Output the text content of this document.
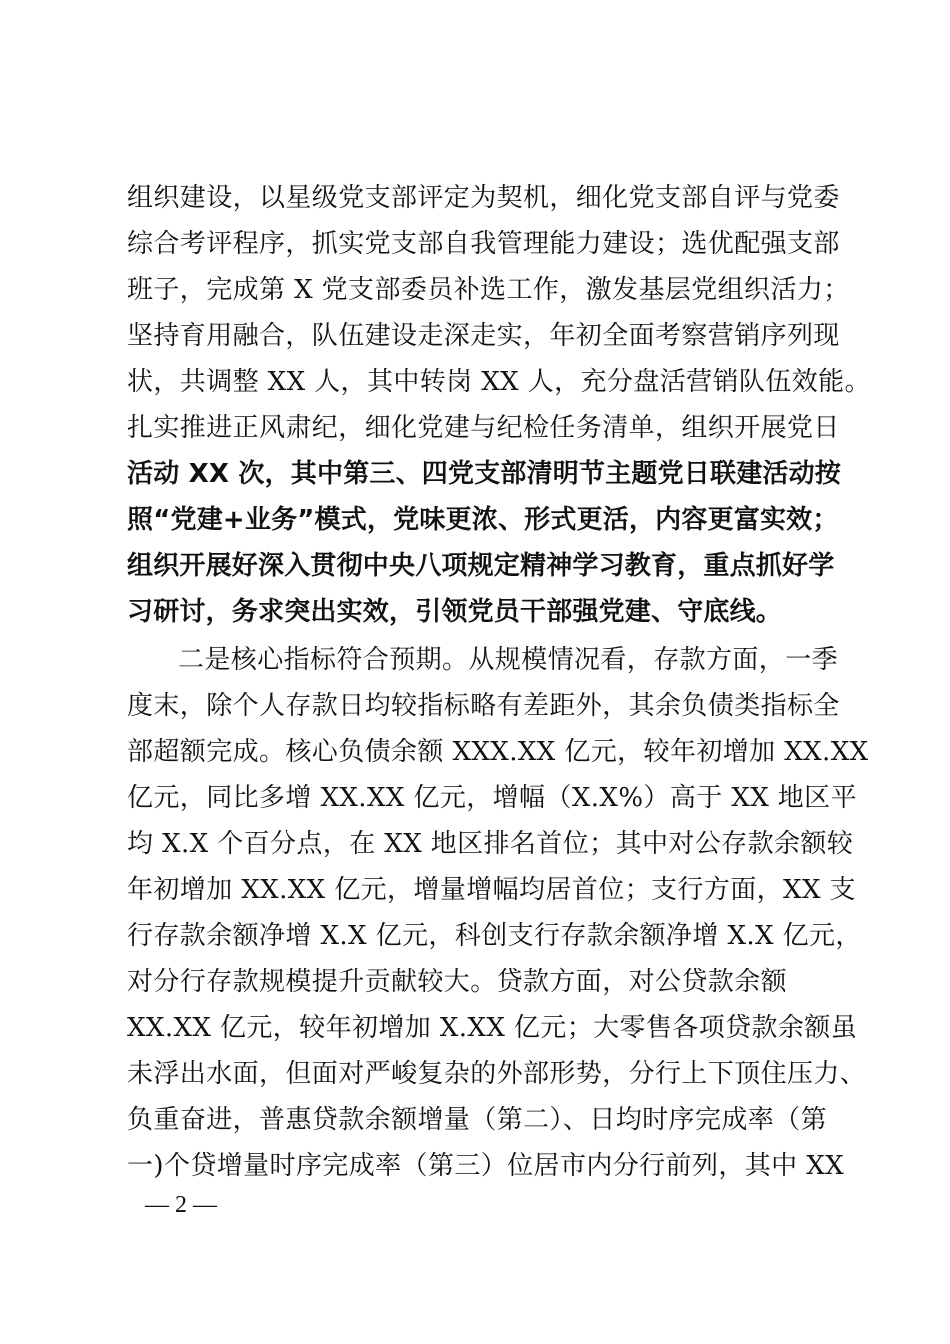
组织建设，以星级党支部评定为契机，细化党支部自评与党委
综合考评程序，抓实党支部自我管理能力建设；选优配强支部
班子，完成第 X 党支部委员补选工作，激发基层党组织活力；
坚持育用融合，队伍建设走深走实，年初全面考察营销序列现
状，共调整 XX 人，其中转岗 XX 人，充分盘活营销队伍效能。
扎实推进正风肃纪，细化党建与纪检任务清单，组织开展党日
活动 XX 次，其中第三、四党支部清明节主题党日联建活动按
照“党建+业务”模式，党味更浓、形式更活，内容更富实效；
组织开展好深入贯彻中央八项规定精神学习教育，重点抓好学
习研讨，务求突出实效，引领党员干部强党建、守底线。
二是核心指标符合预期。从规模情况看，存款方面，一季
度末，除个人存款日均较指标略有差距外，其余负债类指标全
部超额完成。核心负债余额 XXX.XX 亿元，较年初增加 XX.XX
亿元，同比多增 XX.XX 亿元，增幅（X.X%）高于 XX 地区平
均 X.X 个百分点，在 XX 地区排名首位；其中对公存款余额较
年初增加 XX.XX 亿元，增量增幅均居首位；支行方面，XX 支
行存款余额净增 X.X 亿元，科创支行存款余额净增 X.X 亿元，
对分行存款规模提升贡献较大。贷款方面，对公贷款余额
XX.XX 亿元，较年初增加 X.XX 亿元；大零售各项贷款余额虽
未浮出水面，但面对严峻复杂的外部形势，分行上下顶住压力、
负重奋进，普惠贷款余额增量（第二）、日均时序完成率（第
一)个贷增量时序完成率（第三）位居市内分行前列，其中 XX
— 2 —
